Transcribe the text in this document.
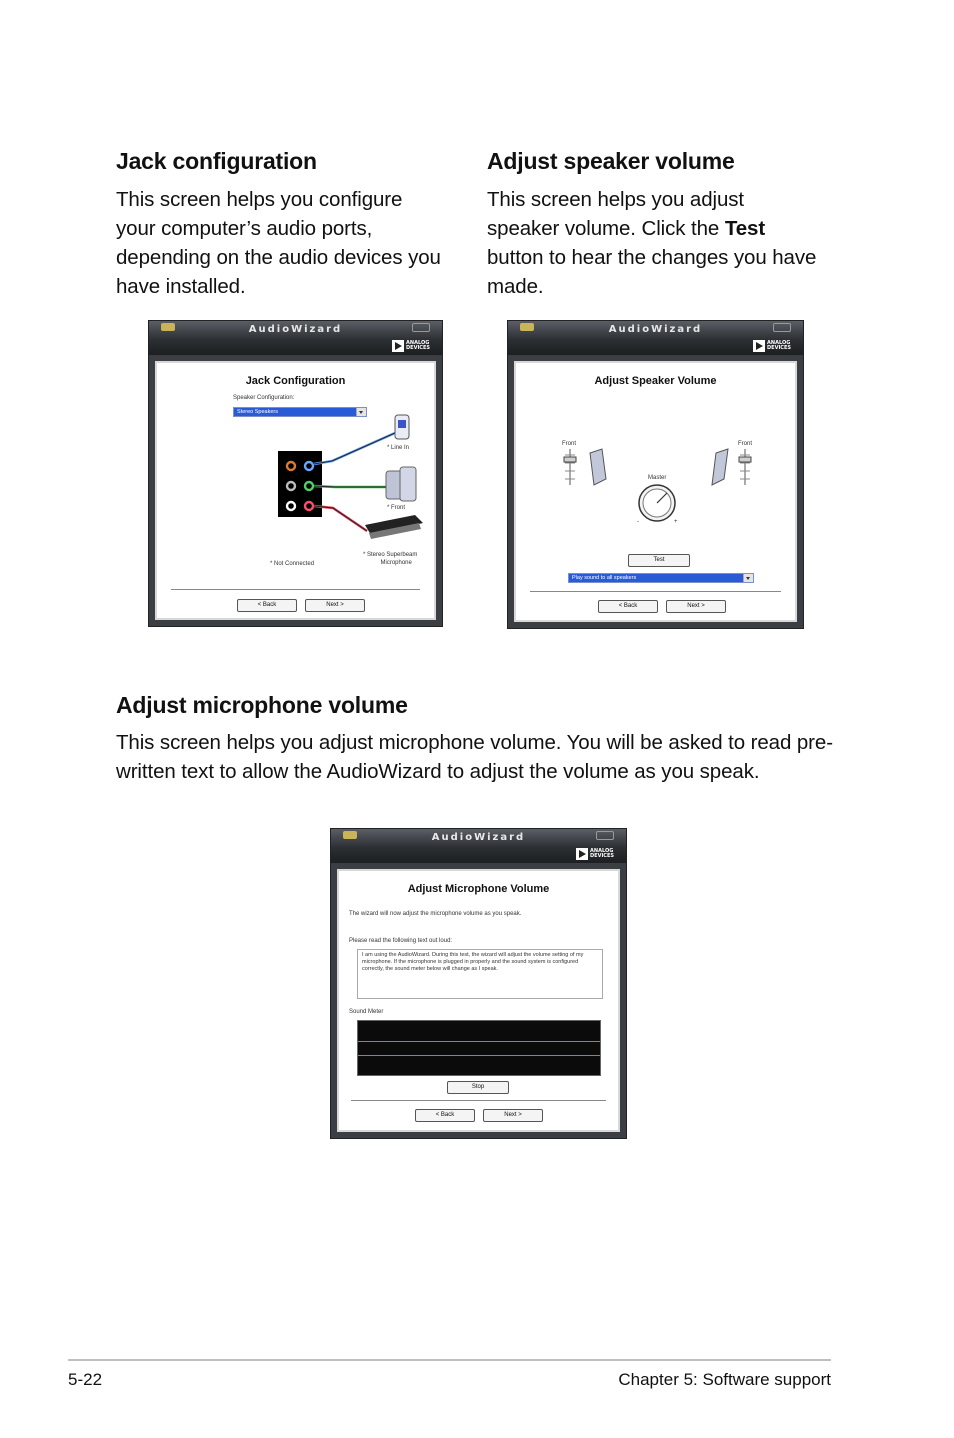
Jack configuration

This screen helps you configure your computer’s audio ports, depending on the audio devices you have installed.

Adjust speaker volume

This screen helps you adjust speaker volume. Click the Test button to hear the changes you have made.

AudioWizard
ANALOG
DEVICES
Jack Configuration
Speaker Configuration:
Stereo Speakers
* Line In
* Front
* Not Connected
* Stereo Superbeam
Microphone
< Back	Next >
AudioWizard
ANALOG
DEVICES
Adjust Speaker Volume
Front	Front
Master
-	+
Test
Play sound to all speakers
< Back	Next >
Adjust microphone volume

This screen helps you adjust microphone volume. You will be asked to read pre-written text to allow the AudioWizard to adjust the volume as you speak.

AudioWizard
ANALOG
DEVICES
Adjust Microphone Volume
The wizard will now adjust the microphone volume as you speak.
Please read the following text out loud:
I am using the AudioWizard. During this test, the wizard will adjust the volume setting of my microphone. If the microphone is plugged in properly and the sound system is configured correctly, the sound meter below will change as I speak.
Sound Meter
Stop
< Back	Next >
5-22	Chapter 5: Software support
